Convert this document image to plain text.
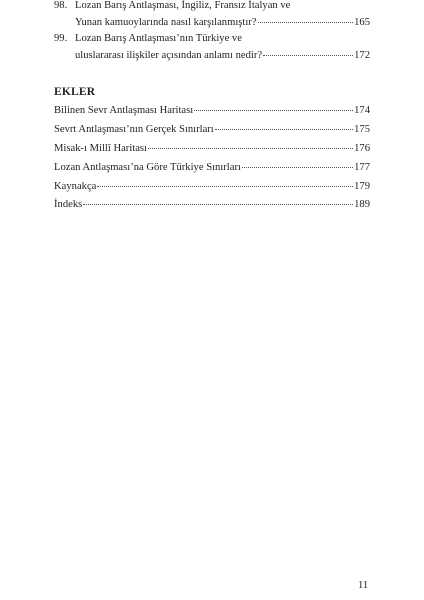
98. Lozan Barış Antlaşması, İngiliz, Fransız İtalyan ve
Yunan kamuoylarında nasıl karşılanmıştır?	165
99. Lozan Barış Antlaşması’nın Türkiye ve
uluslararası ilişkiler açısından anlamı nedir?	172
EKLER
Bilinen Sevr Antlaşması Haritası	174
Sevrt Antlaşması’nın Gerçek Sınırları	175
Misak-ı Millî Haritası	176
Lozan Antlaşması’na Göre Türkiye Sınırları	177
Kaynakça	179
İndeks	189
11
